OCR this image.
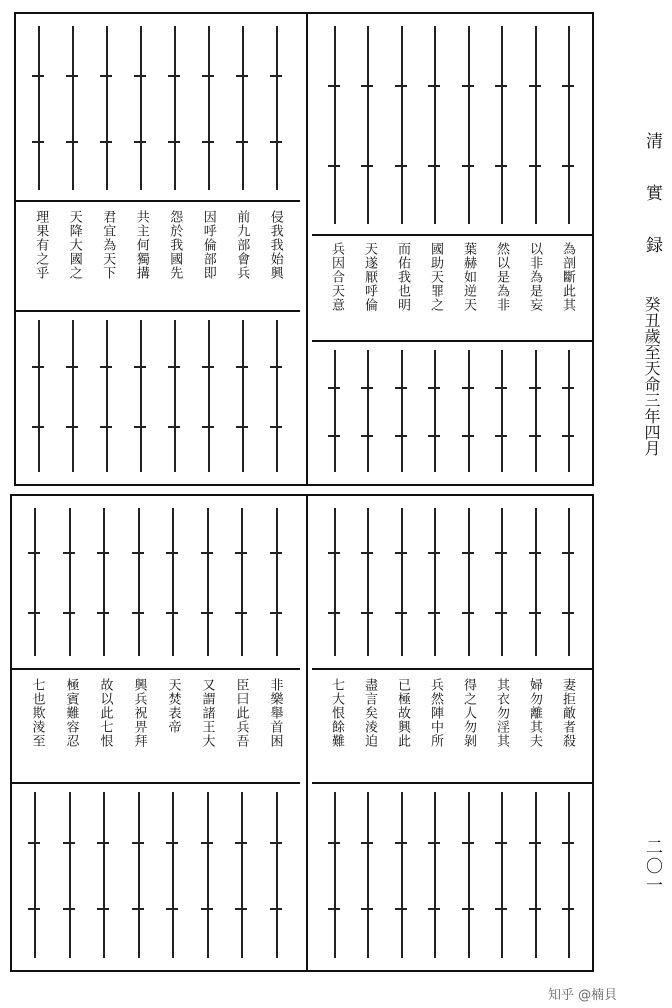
侵我我始興
前九部會兵
因呼倫部即
怨於我國先
共主何獨搆
君宜為天下
天降大國之
理果有之乎	為剖斷此其
以非為是妄
然以是為非
葉赫如逆天
國助天罪之
而佑我也明
天遂厭呼倫
兵因合天意
非樂舉首困
臣曰此兵吾
又謂諸王大
天焚表帝
興兵祝畀拜
故以此七恨
極賓難容忍
七也欺淩至	妻拒敵者殺
婦勿離其夫
其衣勿淫其
得之人勿剝
兵然陣中所
已極故興此
盡言矣淩迫
七大恨餘難
清
實
録
癸丑歲至天命三年四月
二〇一
知乎 @楠貝
